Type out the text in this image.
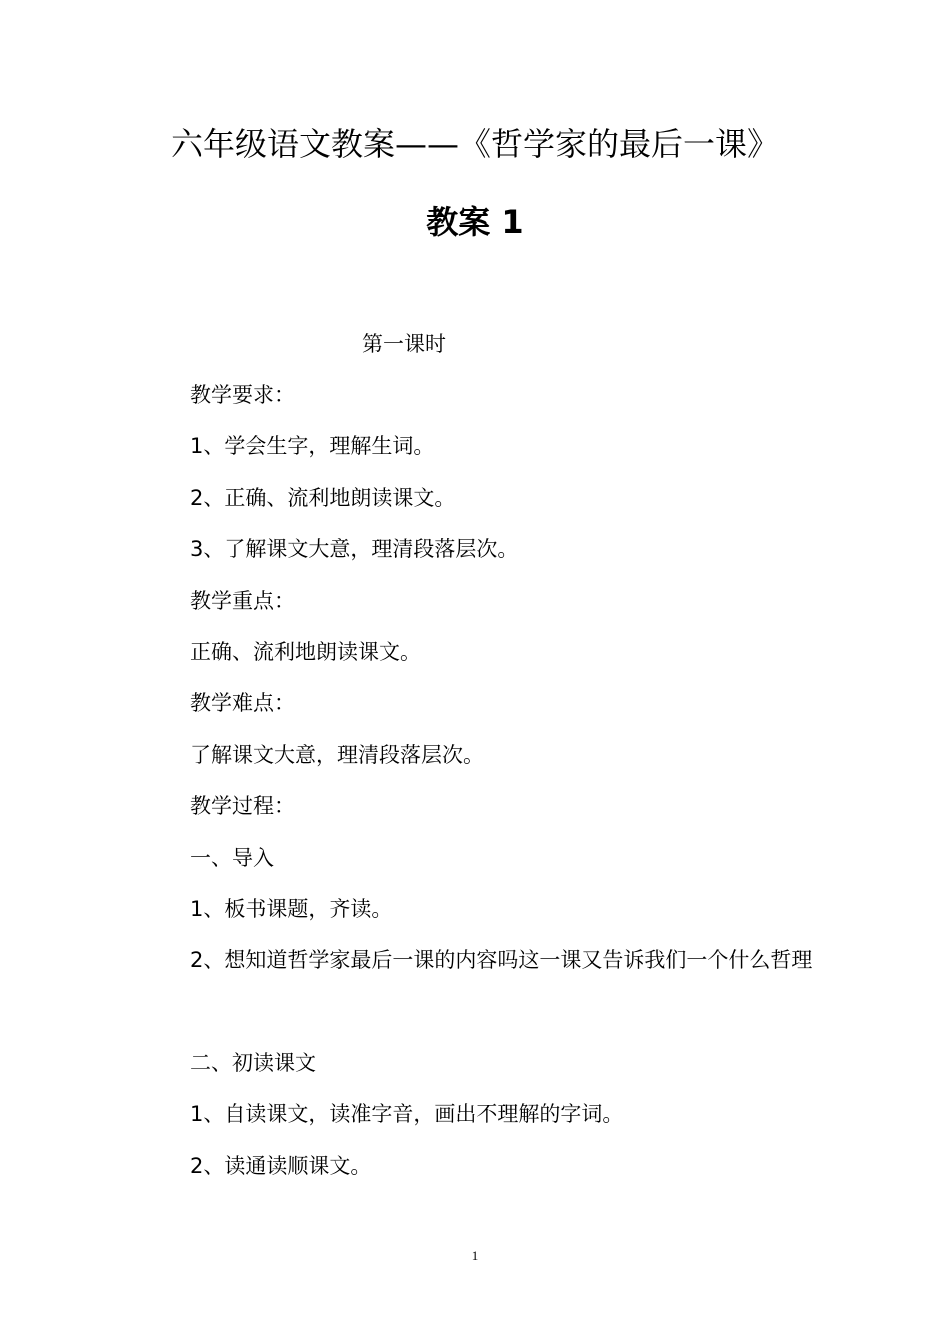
六年级语文教案——《哲学家的最后一课》
教案 1

第一课时

教学要求：

1、学会生字，理解生词。

2、正确、流利地朗读课文。

3、了解课文大意，理清段落层次。

教学重点：

正确、流利地朗读课文。

教学难点：

了解课文大意，理清段落层次。

教学过程：

一、导入

1、板书课题，齐读。

2、想知道哲学家最后一课的内容吗这一课又告诉我们一个什么哲理

二、初读课文

1、自读课文，读准字音，画出不理解的字词。

2、读通读顺课文。

1
